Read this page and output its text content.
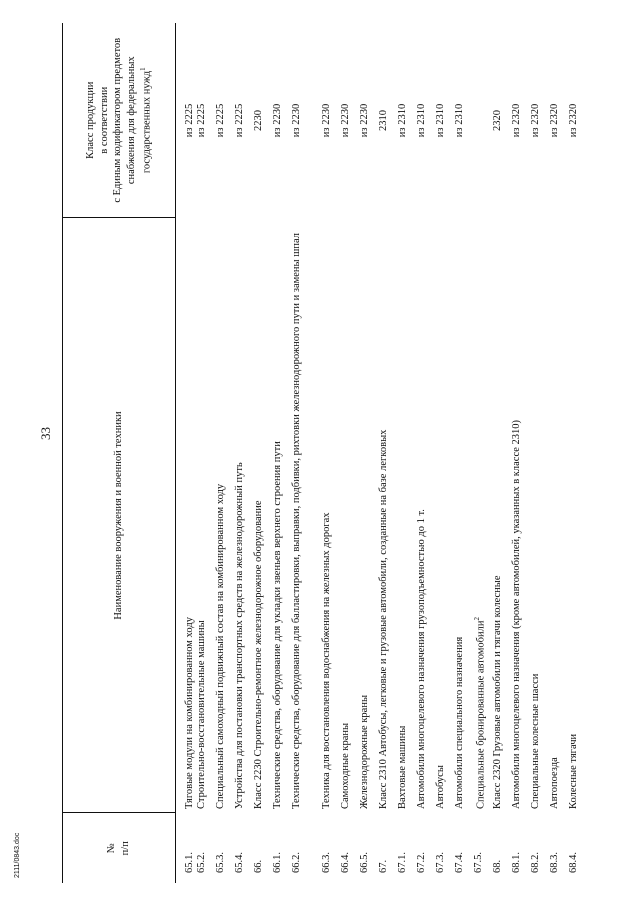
33
2111/0843.doc	№ п/п	Наименование вооружения и военной техники	Класс продукции в соответствии с Единым кодификатором предметов снабжения для федеральных государственных нужд$^1$

65.1.	Тяговые модули на комбинированном ходу	из 2225
65.2.	Строительно-восстановительные машины	из 2225
65.3.	Специальный самоходный подвижный состав на комбинированном ходу	из 2225
65.4.	Устройства для постановки транспортных средств на железнодорожный путь	из 2225
66.	Класс 2230 Строительно-ремонтное железнодорожное оборудование	2230
66.1.	Технические средства, оборудование для укладки звеньев верхнего строения пути	из 2230
66.2.	Технические средства, оборудование для балластировки, выправки, подбивки, рихтовки железнодорожного пути и замены шпал	из 2230
66.3.	Техника для восстановления водоснабжения на железных дорогах	из 2230
66.4.	Самоходные краны	из 2230
66.5.	Железнодорожные краны	из 2230
67.	Класс 2310 Автобусы, легковые и грузовые автомобили, созданные на базе легковых	2310
67.1.	Вахтовые машины	из 2310
67.2.	Автомобили многоцелевого назначения грузоподъемностью до 1 т.	из 2310
67.3.	Автобусы	из 2310
67.4.	Автомобили специального назначения	из 2310
67.5.	Специальные бронированные автомобили$^2$	
68.	Класс 2320 Грузовые автомобили и тягачи колесные	2320
68.1.	Автомобили многоцелевого назначения (кроме автомобилей, указанных в классе 2310)	из 2320
68.2.	Специальные колесные шасси	из 2320
68.3.	Автопоезда	из 2320
68.4.	Колесные тягачи	из 2320
